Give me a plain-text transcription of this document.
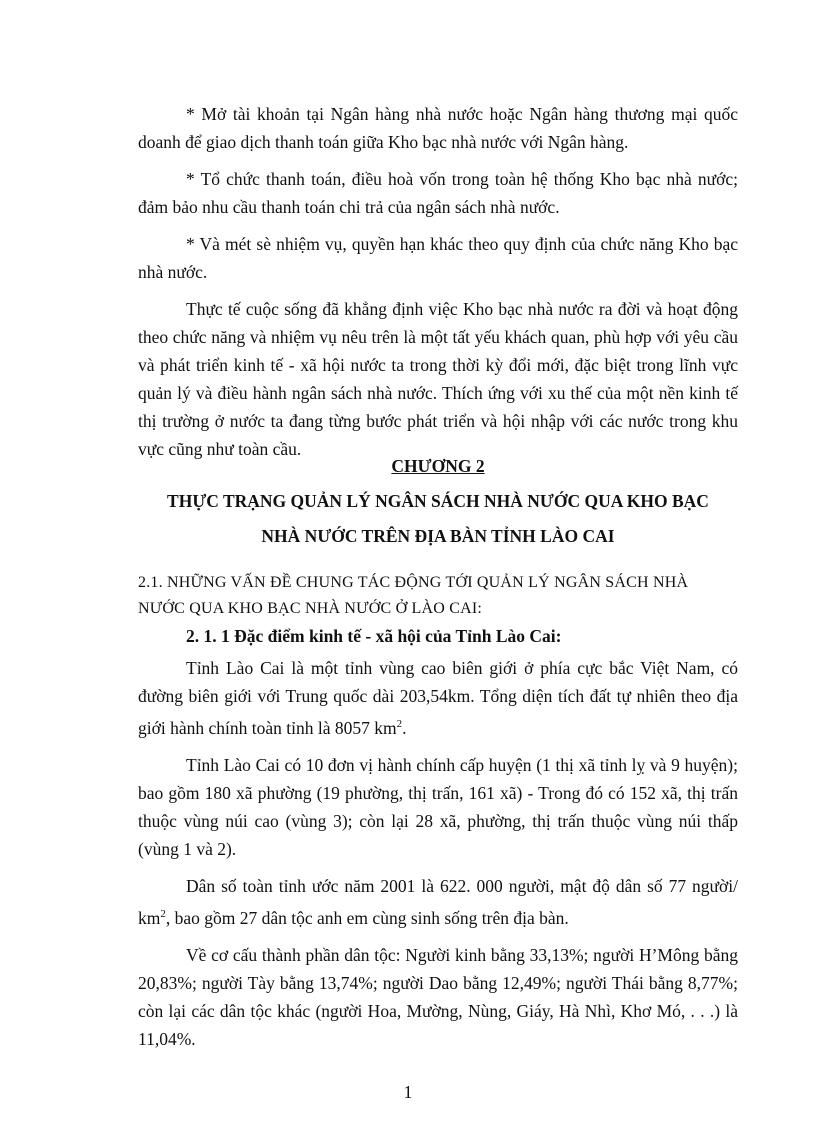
* Mở tài khoản tại Ngân hàng nhà nước hoặc Ngân hàng thương mại quốc doanh để giao dịch thanh toán giữa Kho bạc nhà nước với Ngân hàng.

* Tổ chức thanh toán, điều hoà vốn trong toàn hệ thống Kho bạc nhà nước; đảm bảo nhu cầu thanh toán chi trả của ngân sách nhà nước.

* Và mét sè nhiệm vụ, quyền hạn khác theo quy định của chức năng Kho bạc nhà nước.

Thực tế cuộc sống đã khẳng định việc Kho bạc nhà nước ra đời và hoạt động theo chức năng và nhiệm vụ nêu trên là một tất yếu khách quan, phù hợp với yêu cầu và phát triển kinh tế - xã hội nước ta trong thời kỳ đổi mới, đặc biệt trong lĩnh vực quản lý và điều hành ngân sách nhà nước. Thích ứng với xu thế của một nền kinh tế thị trường ở nước ta đang từng bước phát triển và hội nhập với các nước trong khu vực cũng như toàn cầu.

CHƯƠNG 2

THỰC TRẠNG QUẢN LÝ NGÂN SÁCH NHÀ NƯỚC QUA KHO BẠC

NHÀ NƯỚC TRÊN ĐỊA BÀN TỈNH LÀO CAI

2.1. NHỮNG VẤN ĐỀ CHUNG TÁC ĐỘNG TỚI QUẢN LÝ NGÂN SÁCH NHÀ

NƯỚC QUA KHO BẠC NHÀ NƯỚC Ở LÀO CAI:

2. 1. 1 Đặc điểm kinh tế - xã hội của Tỉnh Lào Cai:

Tỉnh Lào Cai là một tỉnh vùng cao biên giới ở phía cực bắc Việt Nam, có đường biên giới với Trung quốc dài 203,54km. Tổng diện tích đất tự nhiên theo địa giới hành chính toàn tỉnh là 8057 $km^2$.

Tỉnh Lào Cai có 10 đơn vị hành chính cấp huyện (1 thị xã tỉnh lỵ và 9 huyện); bao gồm 180 xã phường (19 phường, thị trấn, 161 xã) - Trong đó có 152 xã, thị trấn thuộc vùng núi cao (vùng 3); còn lại 28 xã, phường, thị trấn thuộc vùng núi thấp (vùng 1 và 2).

Dân số toàn tỉnh ước năm 2001 là 622. 000 người, mật độ dân số 77 người/ $km^2$, bao gồm 27 dân tộc anh em cùng sinh sống trên địa bàn.

Về cơ cấu thành phần dân tộc: Người kinh bằng 33,13%; người H’Mông bằng 20,83%; người Tày bằng 13,74%; người Dao bằng 12,49%; người Thái bằng 8,77%; còn lại các dân tộc khác (người Hoa, Mường, Nùng, Giáy, Hà Nhì, Khơ Mó, . . .) là 11,04%.

1
